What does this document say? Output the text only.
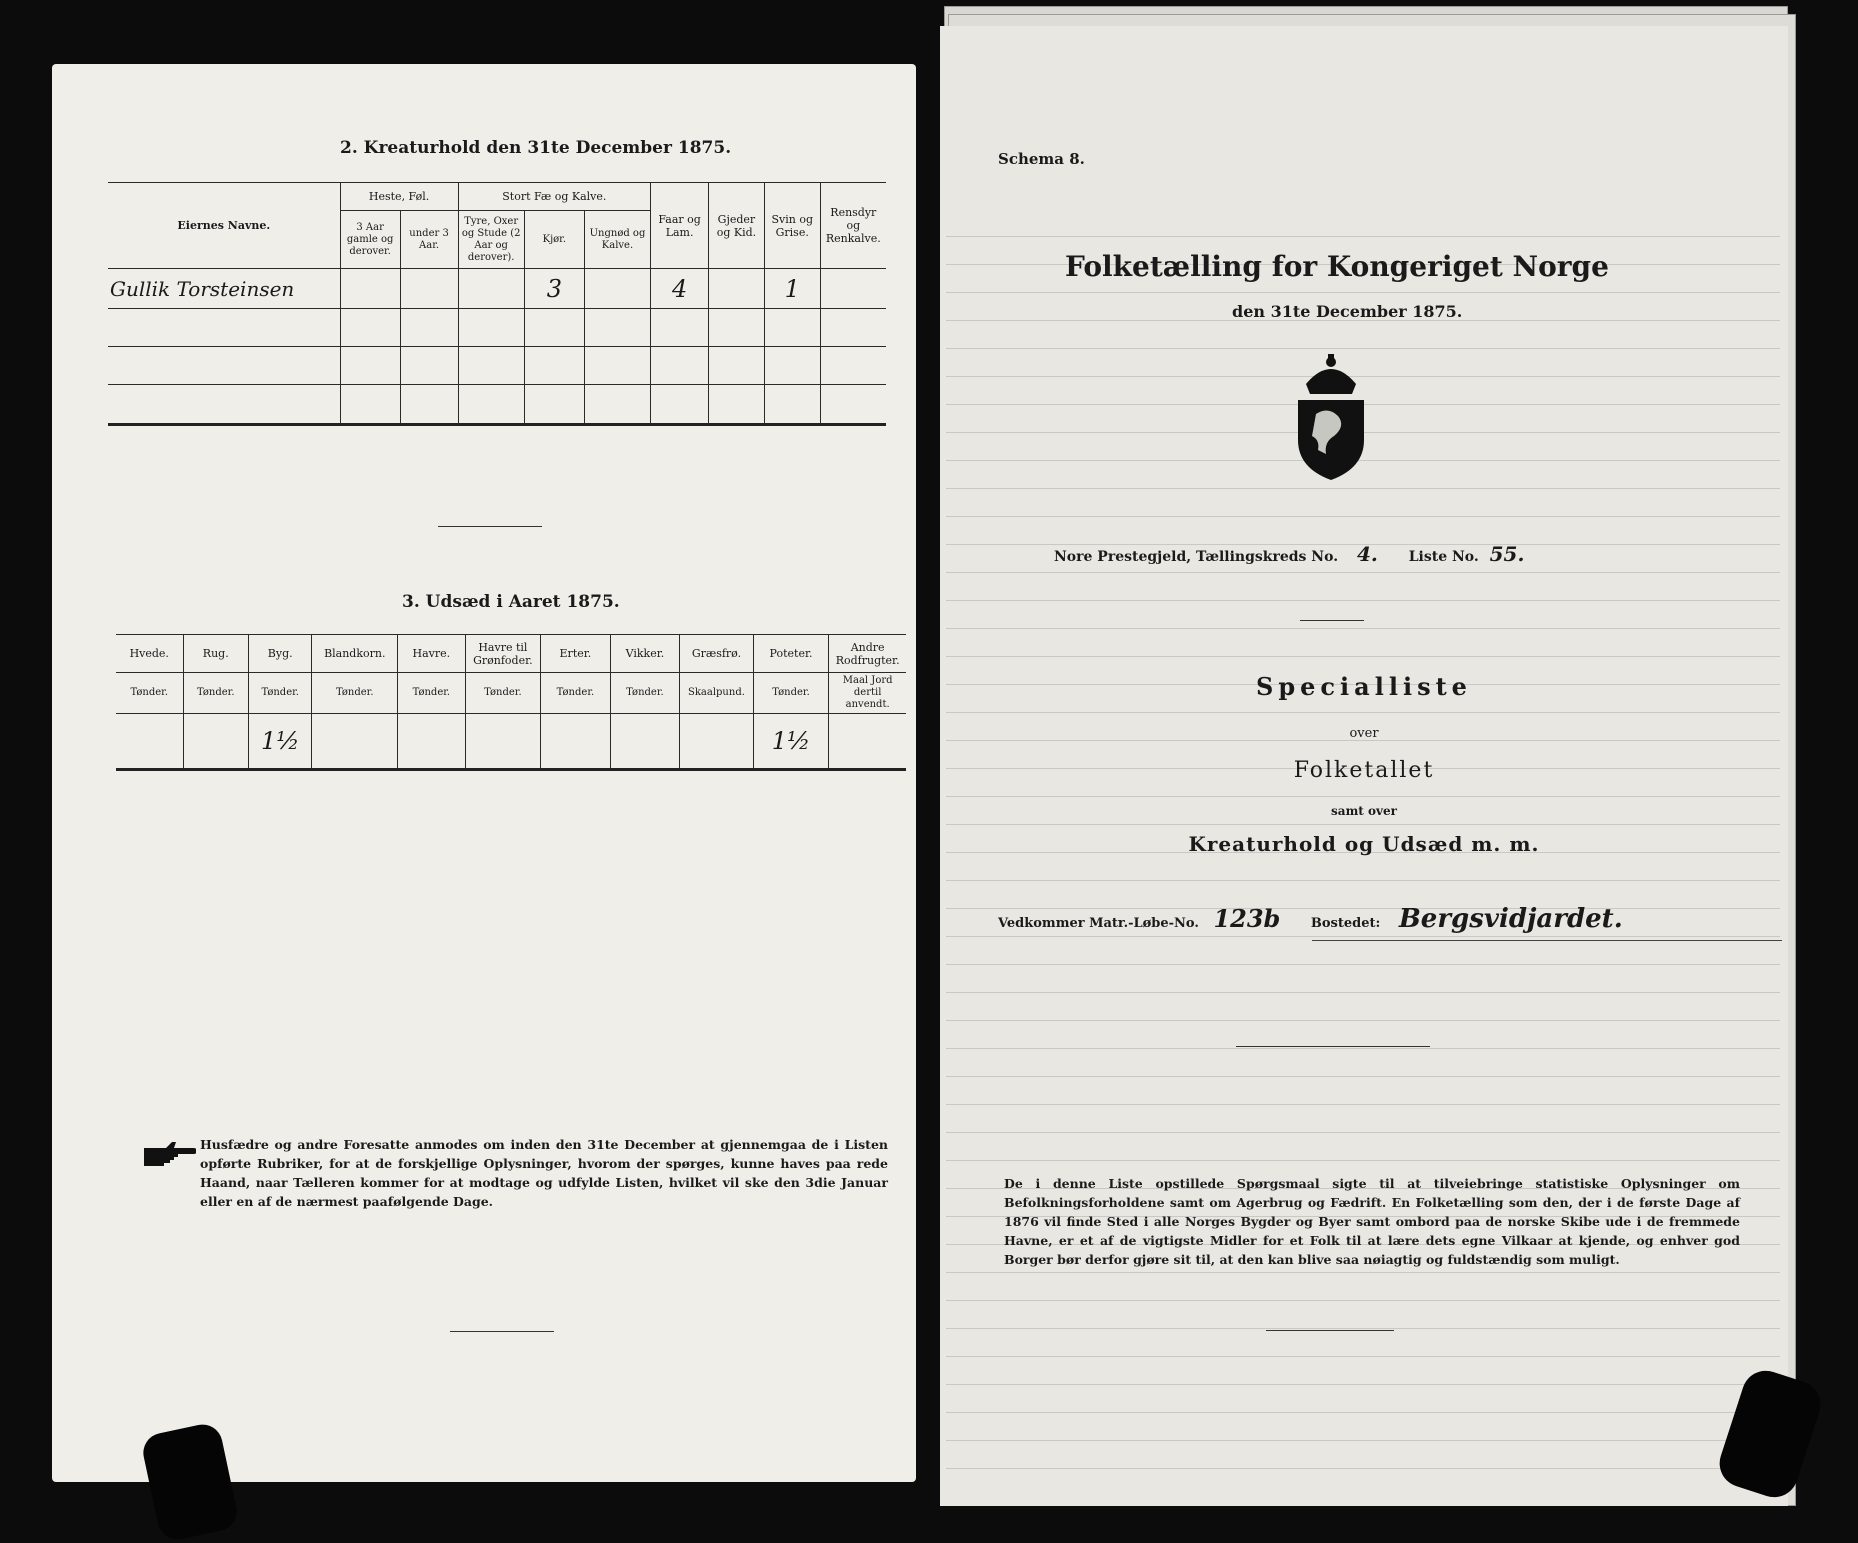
2. Kreaturhold den 31te December 1875.
Eiernes Navne.	Heste, Føl.		Stort Fæ og Kalve.			Faar og Lam.	Gjeder og Kid.	Svin og Grise.	Rensdyr og Renkalve.
	3 Aar gamle og derover.	under 3 Aar.	Tyre, Oxer og Stude (2 Aar og derover).	Kjør.	Ungnød og Kalve.				
Gullik Torsteinsen				3		4		1	

3. Udsæd i Aaret 1875.
Hvede.	Rug.	Byg.	Blandkorn.	Havre.	Havre til Grønfoder.	Erter.	Vikker.	Græsfrø.	Poteter.	Andre Rodfrugter.
Tønder.	Tønder.	Tønder.	Tønder.	Tønder.	Tønder.	Tønder.	Tønder.	Skaalpund.	Tønder.	Maal Jord dertil anvendt.
		1½							1½	
Husfædre og andre Foresatte anmodes om inden den 31te December at gjennemgaa de i Listen opførte Rubriker, for at de forskjellige Oplysninger, hvorom der spørges, kunne haves paa rede Haand, naar Tælleren kommer for at modtage og udfylde Listen, hvilket vil ske den 3die Januar eller en af de nærmest paafølgende Dage.
Schema 8.
Folketælling for Kongeriget Norge
den 31te December 1875.
Nore Prestegjeld, Tællingskreds No. 4. Liste No. 55.
Specialliste
over
Folketallet
samt over
Kreaturhold og Udsæd m. m.
Vedkommer Matr.-Løbe-No. 123b Bostedet: Bergsvidjardet.
De i denne Liste opstillede Spørgsmaal sigte til at tilveiebringe statistiske Oplysninger om Befolkningsforholdene samt om Agerbrug og Fædrift. En Folketælling som den, der i de første Dage af 1876 vil finde Sted i alle Norges Bygder og Byer samt ombord paa de norske Skibe ude i de fremmede Havne, er et af de vigtigste Midler for et Folk til at lære dets egne Vilkaar at kjende, og enhver god Borger bør derfor gjøre sit til, at den kan blive saa nøiagtig og fuldstændig som muligt.
